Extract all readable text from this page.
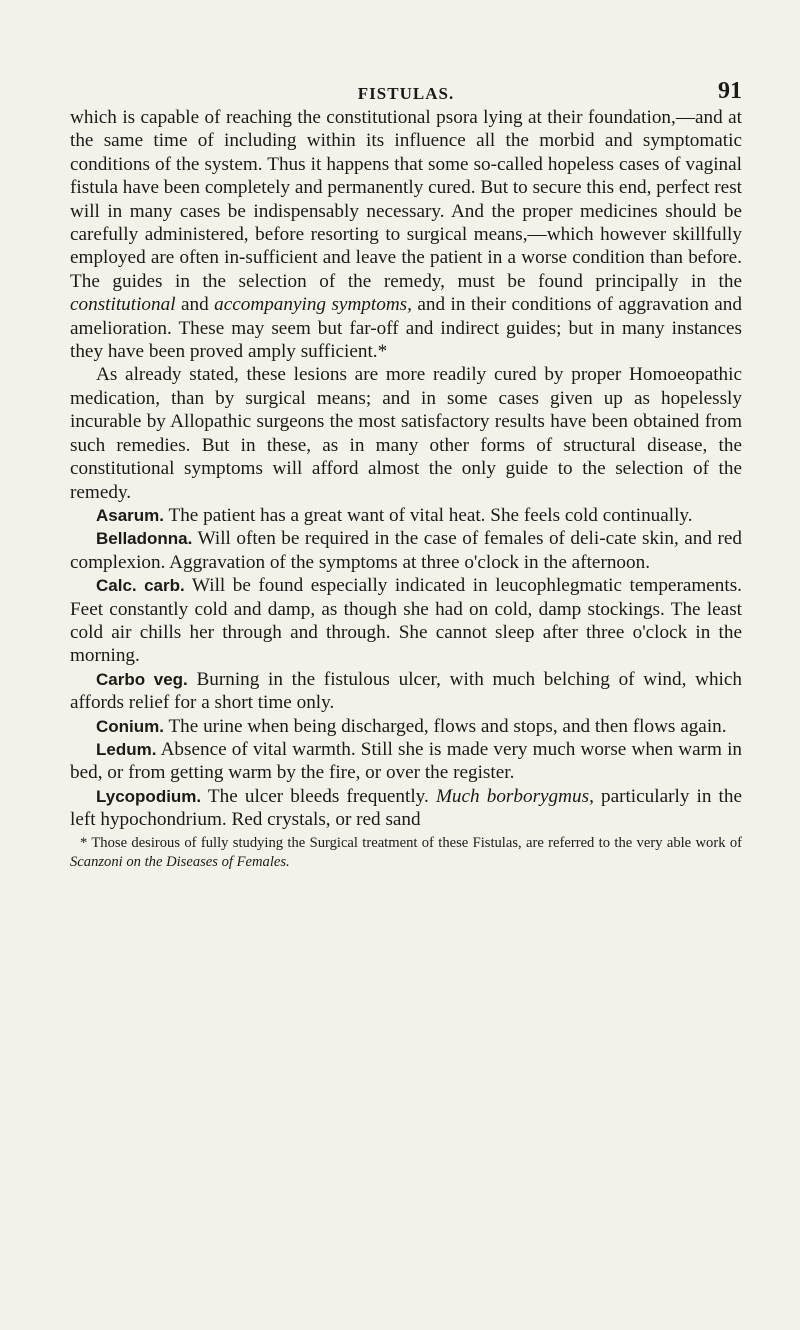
FISTULAS.	91

which is capable of reaching the constitutional psora lying at their foundation,—and at the same time of including within its influence all the morbid and symptomatic conditions of the system. Thus it happens that some so-called hopeless cases of vaginal fistula have been completely and permanently cured. But to secure this end, perfect rest will in many cases be indispensably necessary. And the proper medicines should be carefully administered, before resorting to surgical means,—which however skillfully employed are often in-sufficient and leave the patient in a worse condition than before. The guides in the selection of the remedy, must be found principally in the constitutional and accompanying symptoms, and in their conditions of aggravation and amelioration. These may seem but far-off and indirect guides; but in many instances they have been proved amply sufficient.*

As already stated, these lesions are more readily cured by proper Homoeopathic medication, than by surgical means; and in some cases given up as hopelessly incurable by Allopathic surgeons the most satisfactory results have been obtained from such remedies. But in these, as in many other forms of structural disease, the constitutional symptoms will afford almost the only guide to the selection of the remedy.

Asarum. The patient has a great want of vital heat. She feels cold continually.

Belladonna. Will often be required in the case of females of deli-cate skin, and red complexion. Aggravation of the symptoms at three o'clock in the afternoon.

Calc. carb. Will be found especially indicated in leucophlegmatic temperaments. Feet constantly cold and damp, as though she had on cold, damp stockings. The least cold air chills her through and through. She cannot sleep after three o'clock in the morning.

Carbo veg. Burning in the fistulous ulcer, with much belching of wind, which affords relief for a short time only.

Conium. The urine when being discharged, flows and stops, and then flows again.

Ledum. Absence of vital warmth. Still she is made very much worse when warm in bed, or from getting warm by the fire, or over the register.

Lycopodium. The ulcer bleeds frequently. Much borborygmus, particularly in the left hypochondrium. Red crystals, or red sand

* Those desirous of fully studying the Surgical treatment of these Fistulas, are referred to the very able work of Scanzoni on the Diseases of Females.
